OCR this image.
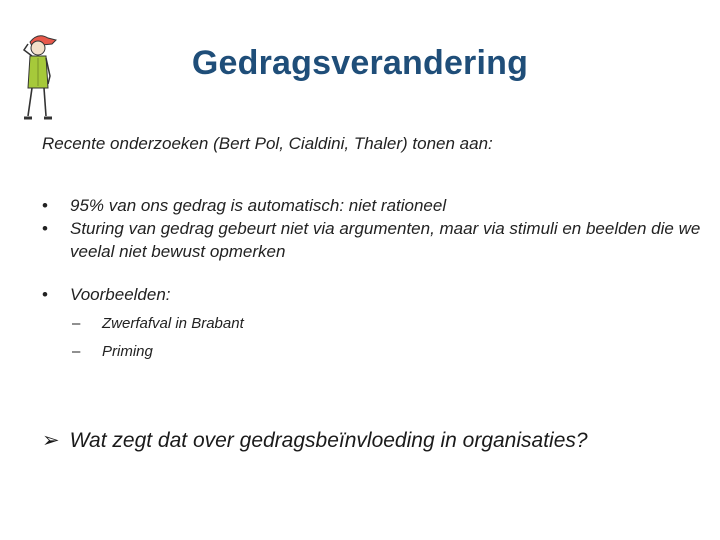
Gedragsverandering
Recente onderzoeken (Bert Pol, Cialdini, Thaler) tonen aan:
• 95% van ons gedrag is automatisch: niet rationeel
• Sturing van gedrag gebeurt niet via argumenten, maar via stimuli en beelden die we veelal niet bewust opmerken
• Voorbeelden:
– Zwerfafval in Brabant
– Priming
➢ Wat zegt dat over gedragsbeïnvloeding in organisaties?
